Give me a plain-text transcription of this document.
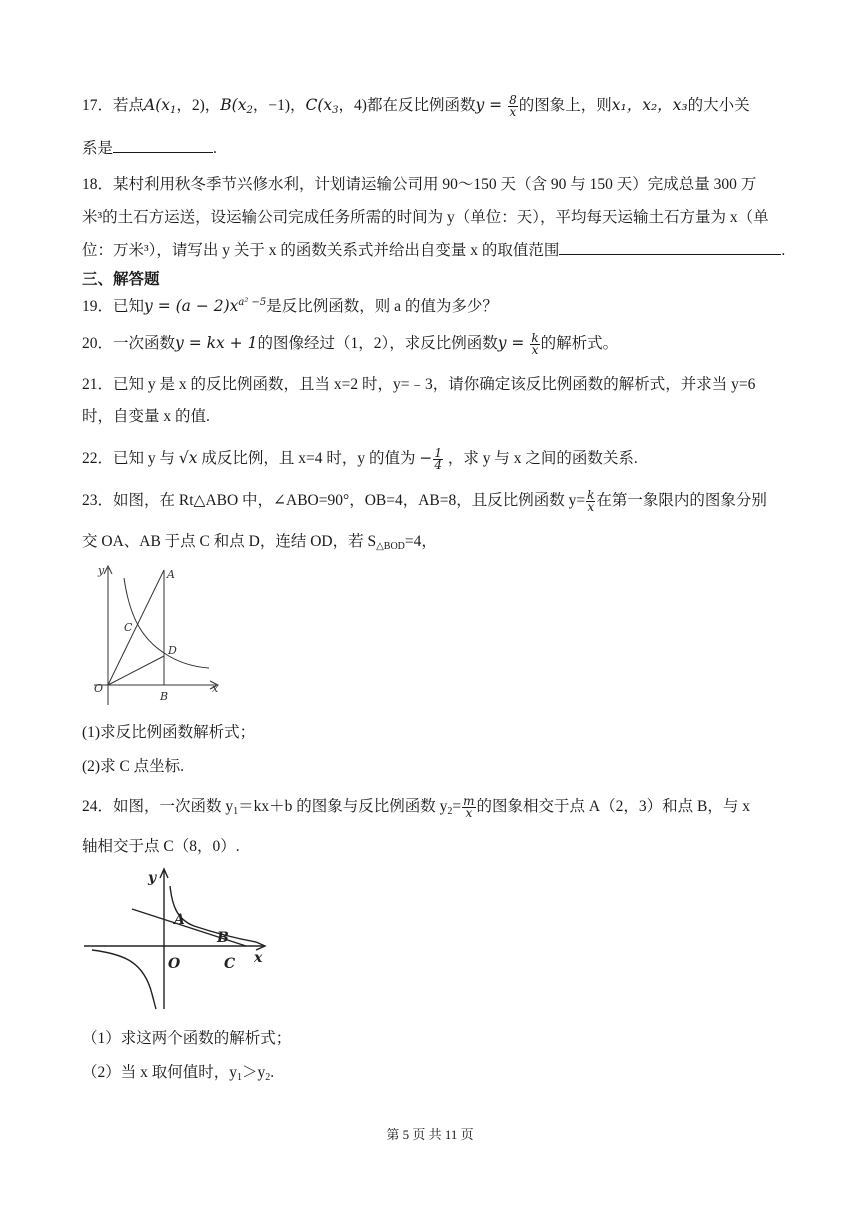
17．若点$A(x_1$，2)，$B(x_2$，−1)，$C(x_3$，4)都在反比例函数$y = \frac{8}{x}$ 的图象上，则x₁，x₂，x₃的大小关
系是	.
18．某村利用秋冬季节兴修水利，计划请运输公司用 90～150 天（含 90 与 150 天）完成总量 300 万
米³的土石方运送，设运输公司完成任务所需的时间为 y（单位：天），平均每天运输土石方量为 x（单
位：万米³），请写出 y 关于 x 的函数关系式并给出自变量 x 的取值范围	.
三、解答题
19．已知$y = (a - 2)x^{a^2 -5}$是反比例函数，则 a 的值为多少？
20．一次函数y = kx + 1的图像经过（1，2），求反比例函数$y = \frac{k}{x}$ 的解析式。
21．已知 y 是 x 的反比例函数，且当 x=2 时，y=﹣3，请你确定该反比例函数的解析式，并求当 y=6
时，自变量 x 的值.
22．已知 y 与 √x 成反比例，且 x=4 时，y 的值为 − $\frac{1}{4}$ ，求 y 与 x 之间的函数关系.
23．如图，在 Rt△ABO 中，∠ABO=90°，OB=4，AB=8，且反比例函数 $y= \frac{k}{x}$ 在第一象限内的图象分别
交 OA、AB 于点 C 和点 D，连结 OD，若 $S_{\triangle BOD}=4$，
y
x
A
C
D
O
B
(1)求反比例函数解析式；
(2)求 C 点坐标.
24．如图，一次函数 $y_1=kx+b$ 的图象与反比例函数 $y_2= \frac{m}{x}$ 的图象相交于点 A（2，3）和点 B，与 x
轴相交于点 C（8，0）.
y
x
A
B
O	C
（1）求这两个函数的解析式；
（2）当 x 取何值时，$y_1>y_2$.
第 5 页 共 11 页
